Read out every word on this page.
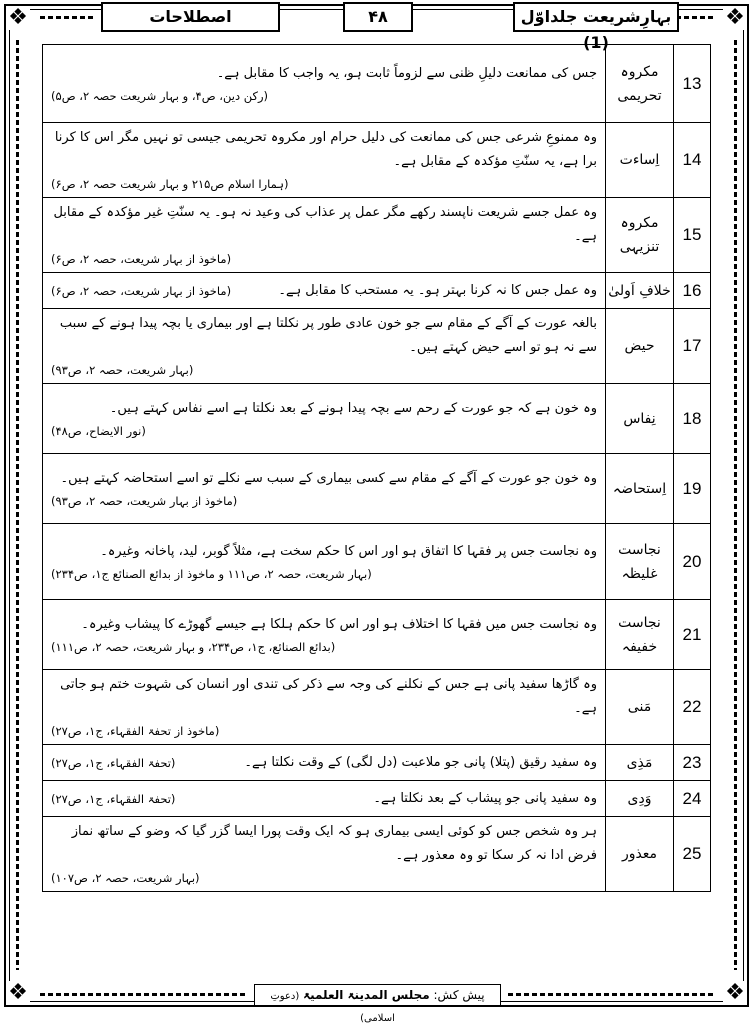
❖	❖
❖	❖
بہارِشریعت جلداوّل (1)
۴۸
اصطلاحات
13	مکروہ تحریمی	جس کی ممانعت دلیلِ ظنی سے لزوماً ثابت ہو، یہ واجب کا مقابل ہے۔
(رکن دین، ص۴، و بہار شریعت حصہ ۲، ص۵)

14	اِساءت	وہ ممنوعِ شرعی جس کی ممانعت کی دلیل حرام اور مکروہ تحریمی جیسی تو نہیں مگر اس کا کرنا برا ہے، یہ سنّتِ مؤکدہ کے مقابل ہے۔
(ہمارا اسلام ص۲۱۵ و بہار شریعت حصہ ۲، ص۶)

15	مکروہ تنزیہی	وہ عمل جسے شریعت ناپسند رکھے مگر عمل پر عذاب کی وعید نہ ہو۔ یہ سنّتِ غیر مؤکدہ کے مقابل ہے۔
(ماخوذ از بہار شریعت، حصہ ۲، ص۶)

16	خلافِ اَولیٰ	(ماخوذ از بہار شریعت، حصہ ۲، ص۶) وہ عمل جس کا نہ کرنا بہتر ہو۔ یہ مستحب کا مقابل ہے۔
17	حیض	بالغہ عورت کے آگے کے مقام سے جو خون عادی طور پر نکلتا ہے اور بیماری یا بچہ پیدا ہونے کے سبب سے نہ ہو تو اسے حیض کہتے ہیں۔
(بہار شریعت، حصہ ۲، ص۹۳)

18	نِفاس	وہ خون ہے کہ جو عورت کے رحم سے بچہ پیدا ہونے کے بعد نکلتا ہے اسے نفاس کہتے ہیں۔
(نور الایضاح، ص۴۸)

19	اِستحاضہ	وہ خون جو عورت کے آگے کے مقام سے کسی بیماری کے سبب سے نکلے تو اسے استحاضہ کہتے ہیں۔
(ماخوذ از بہار شریعت، حصہ ۲، ص۹۳)

20	نجاست غلیظہ	وہ نجاست جس پر فقہا کا اتفاق ہو اور اس کا حکم سخت ہے، مثلاً گوبر، لید، پاخانہ وغیرہ۔
(بہار شریعت، حصہ ۲، ص۱۱۱ و ماخوذ از بدائع الصنائع ج۱، ص۲۳۴)

21	نجاست خفیفہ	وہ نجاست جس میں فقہا کا اختلاف ہو اور اس کا حکم ہلکا ہے جیسے گھوڑے کا پیشاب وغیرہ۔
(بدائع الصنائع، ج۱، ص۲۳۴، و بہار شریعت، حصہ ۲، ص۱۱۱)

22	مَنی	وہ گاڑھا سفید پانی ہے جس کے نکلنے کی وجہ سے ذکر کی تندی اور انسان کی شہوت ختم ہو جاتی ہے۔
(ماخوذ از تحفۃ الفقہاء، ج۱، ص۲۷)

23	مَذِی	(تحفۃ الفقہاء، ج۱، ص۲۷) وہ سفید رقیق (پتلا) پانی جو ملاعبت (دل لگی) کے وقت نکلتا ہے۔
24	وَدِی	(تحفۃ الفقہاء، ج۱، ص۲۷) وہ سفید پانی جو پیشاب کے بعد نکلتا ہے۔
25	معذور	ہر وہ شخص جس کو کوئی ایسی بیماری ہو کہ ایک وقت پورا ایسا گزر گیا کہ وضو کے ساتھ نماز فرض ادا نہ کر سکا تو وہ معذور ہے۔
(بہار شریعت، حصہ ۲، ص۱۰۷)
پیش کش: مجلس المدینۃ العلمیۃ (دعوتِ اسلامی)
